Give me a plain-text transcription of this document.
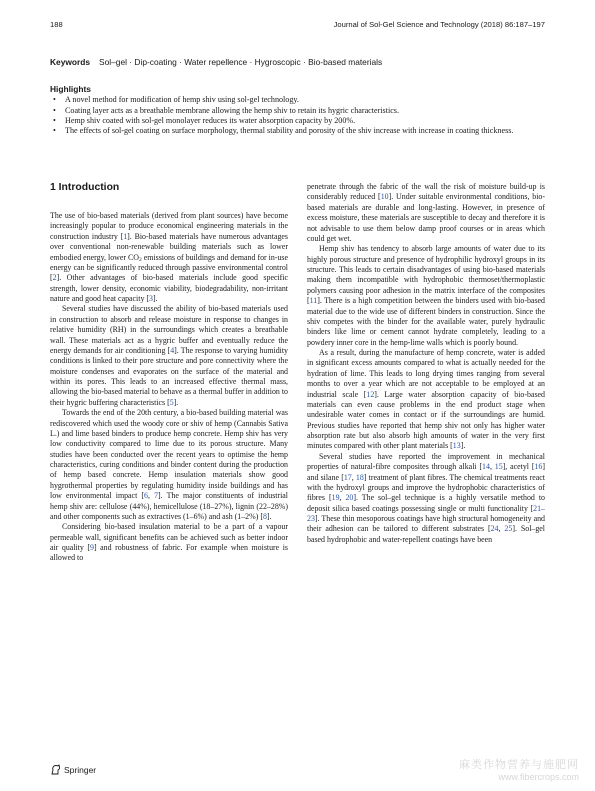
188	Journal of Sol-Gel Science and Technology (2018) 86:187–197
Keywords Sol–gel · Dip-coating · Water repellence · Hygroscopic · Bio-based materials
Highlights
• A novel method for modification of hemp shiv using sol-gel technology.
• Coating layer acts as a breathable membrane allowing the hemp shiv to retain its hygric characteristics.
• Hemp shiv coated with sol-gel monolayer reduces its water absorption capacity by 200%.
• The effects of sol-gel coating on surface morphology, thermal stability and porosity of the shiv increase with increase in coating thickness.
1 Introduction

The use of bio-based materials (derived from plant sources) have become increasingly popular to produce economical engineering materials in the construction industry [1]. Bio-based materials have numerous advantages over conventional non-renewable building materials such as lower embodied energy, lower $CO_2$ emissions of buildings and demand for in-use energy can be significantly reduced through passive environmental control [2]. Other advantages of bio-based materials include good specific strength, lower density, economic viability, biodegradability, non-irritant nature and good heat capacity [3].

Several studies have discussed the ability of bio-based materials used in construction to absorb and release moisture in response to changes in relative humidity (RH) in the surroundings which creates a breathable wall. These materials act as a hygric buffer and eventually reduce the energy demands for air conditioning [4]. The response to varying humidity conditions is linked to their pore structure and pore connectivity where the moisture condenses and evaporates on the surface of the material and within its pores. This leads to an increased effective thermal mass, allowing the bio-based material to behave as a thermal buffer in addition to their hygric buffering characteristics [5].

Towards the end of the 20th century, a bio-based building material was rediscovered which used the woody core or shiv of hemp (Cannabis Sativa L.) and lime based binders to produce hemp concrete. Hemp shiv has very low conductivity compared to lime due to its porous structure. Many studies have been conducted over the recent years to optimise the hemp characteristics, curing conditions and binder content during the production of hemp based concrete. Hemp insulation materials show good hygrothermal properties by regulating humidity inside buildings and has low environmental impact [6, 7]. The major constituents of industrial hemp shiv are: cellulose (44%), hemicellulose (18–27%), lignin (22–28%) and other components such as extractives (1–6%) and ash (1–2%) [8].

Considering bio-based insulation material to be a part of a vapour permeable wall, significant benefits can be achieved such as better indoor air quality [9] and robustness of fabric. For example when moisture is allowed to

penetrate through the fabric of the wall the risk of moisture build-up is considerably reduced [10]. Under suitable environmental conditions, bio-based materials are durable and long-lasting. However, in presence of excess moisture, these materials are susceptible to decay and therefore it is not advisable to use them below damp proof courses or in areas which could get wet.

Hemp shiv has tendency to absorb large amounts of water due to its highly porous structure and presence of hydrophilic hydroxyl groups in its structure. This leads to certain disadvantages of using bio-based materials making them incompatible with hydrophobic thermoset/thermoplastic polymers causing poor adhesion in the matrix interface of the composites [11]. There is a high competition between the binders used with bio-based material due to the wide use of different binders in construction. Since the shiv competes with the binder for the available water, purely hydraulic binders like lime or cement cannot hydrate completely, leading to a powdery inner core in the hemp-lime walls which is poorly bound.

As a result, during the manufacture of hemp concrete, water is added in significant excess amounts compared to what is actually needed for the hydration of lime. This leads to long drying times ranging from several months to over a year which are not acceptable to be employed at an industrial scale [12]. Large water absorption capacity of bio-based materials can even cause problems in the end product stage when undesirable water comes in contact or if the surroundings are humid. Previous studies have reported that hemp shiv not only has higher water absorption rate but also absorb high amounts of water in the very first minutes compared with other plant materials [13].

Several studies have reported the improvement in mechanical properties of natural-fibre composites through alkali [14, 15], acetyl [16] and silane [17, 18] treatment of plant fibres. The chemical treatments react with the hydroxyl groups and improve the hydrophobic characteristics of fibres [19, 20]. The sol–gel technique is a highly versatile method to deposit silica based coatings possessing single or multi functionality [21–23]. These thin mesoporous coatings have high structural homogeneity and their adhesion can be tailored to different substrates [24, 25]. Sol–gel based hydrophobic and water-repellent coatings have been

Springer	麻类作物营养与施肥网
www.fibercrops.com
